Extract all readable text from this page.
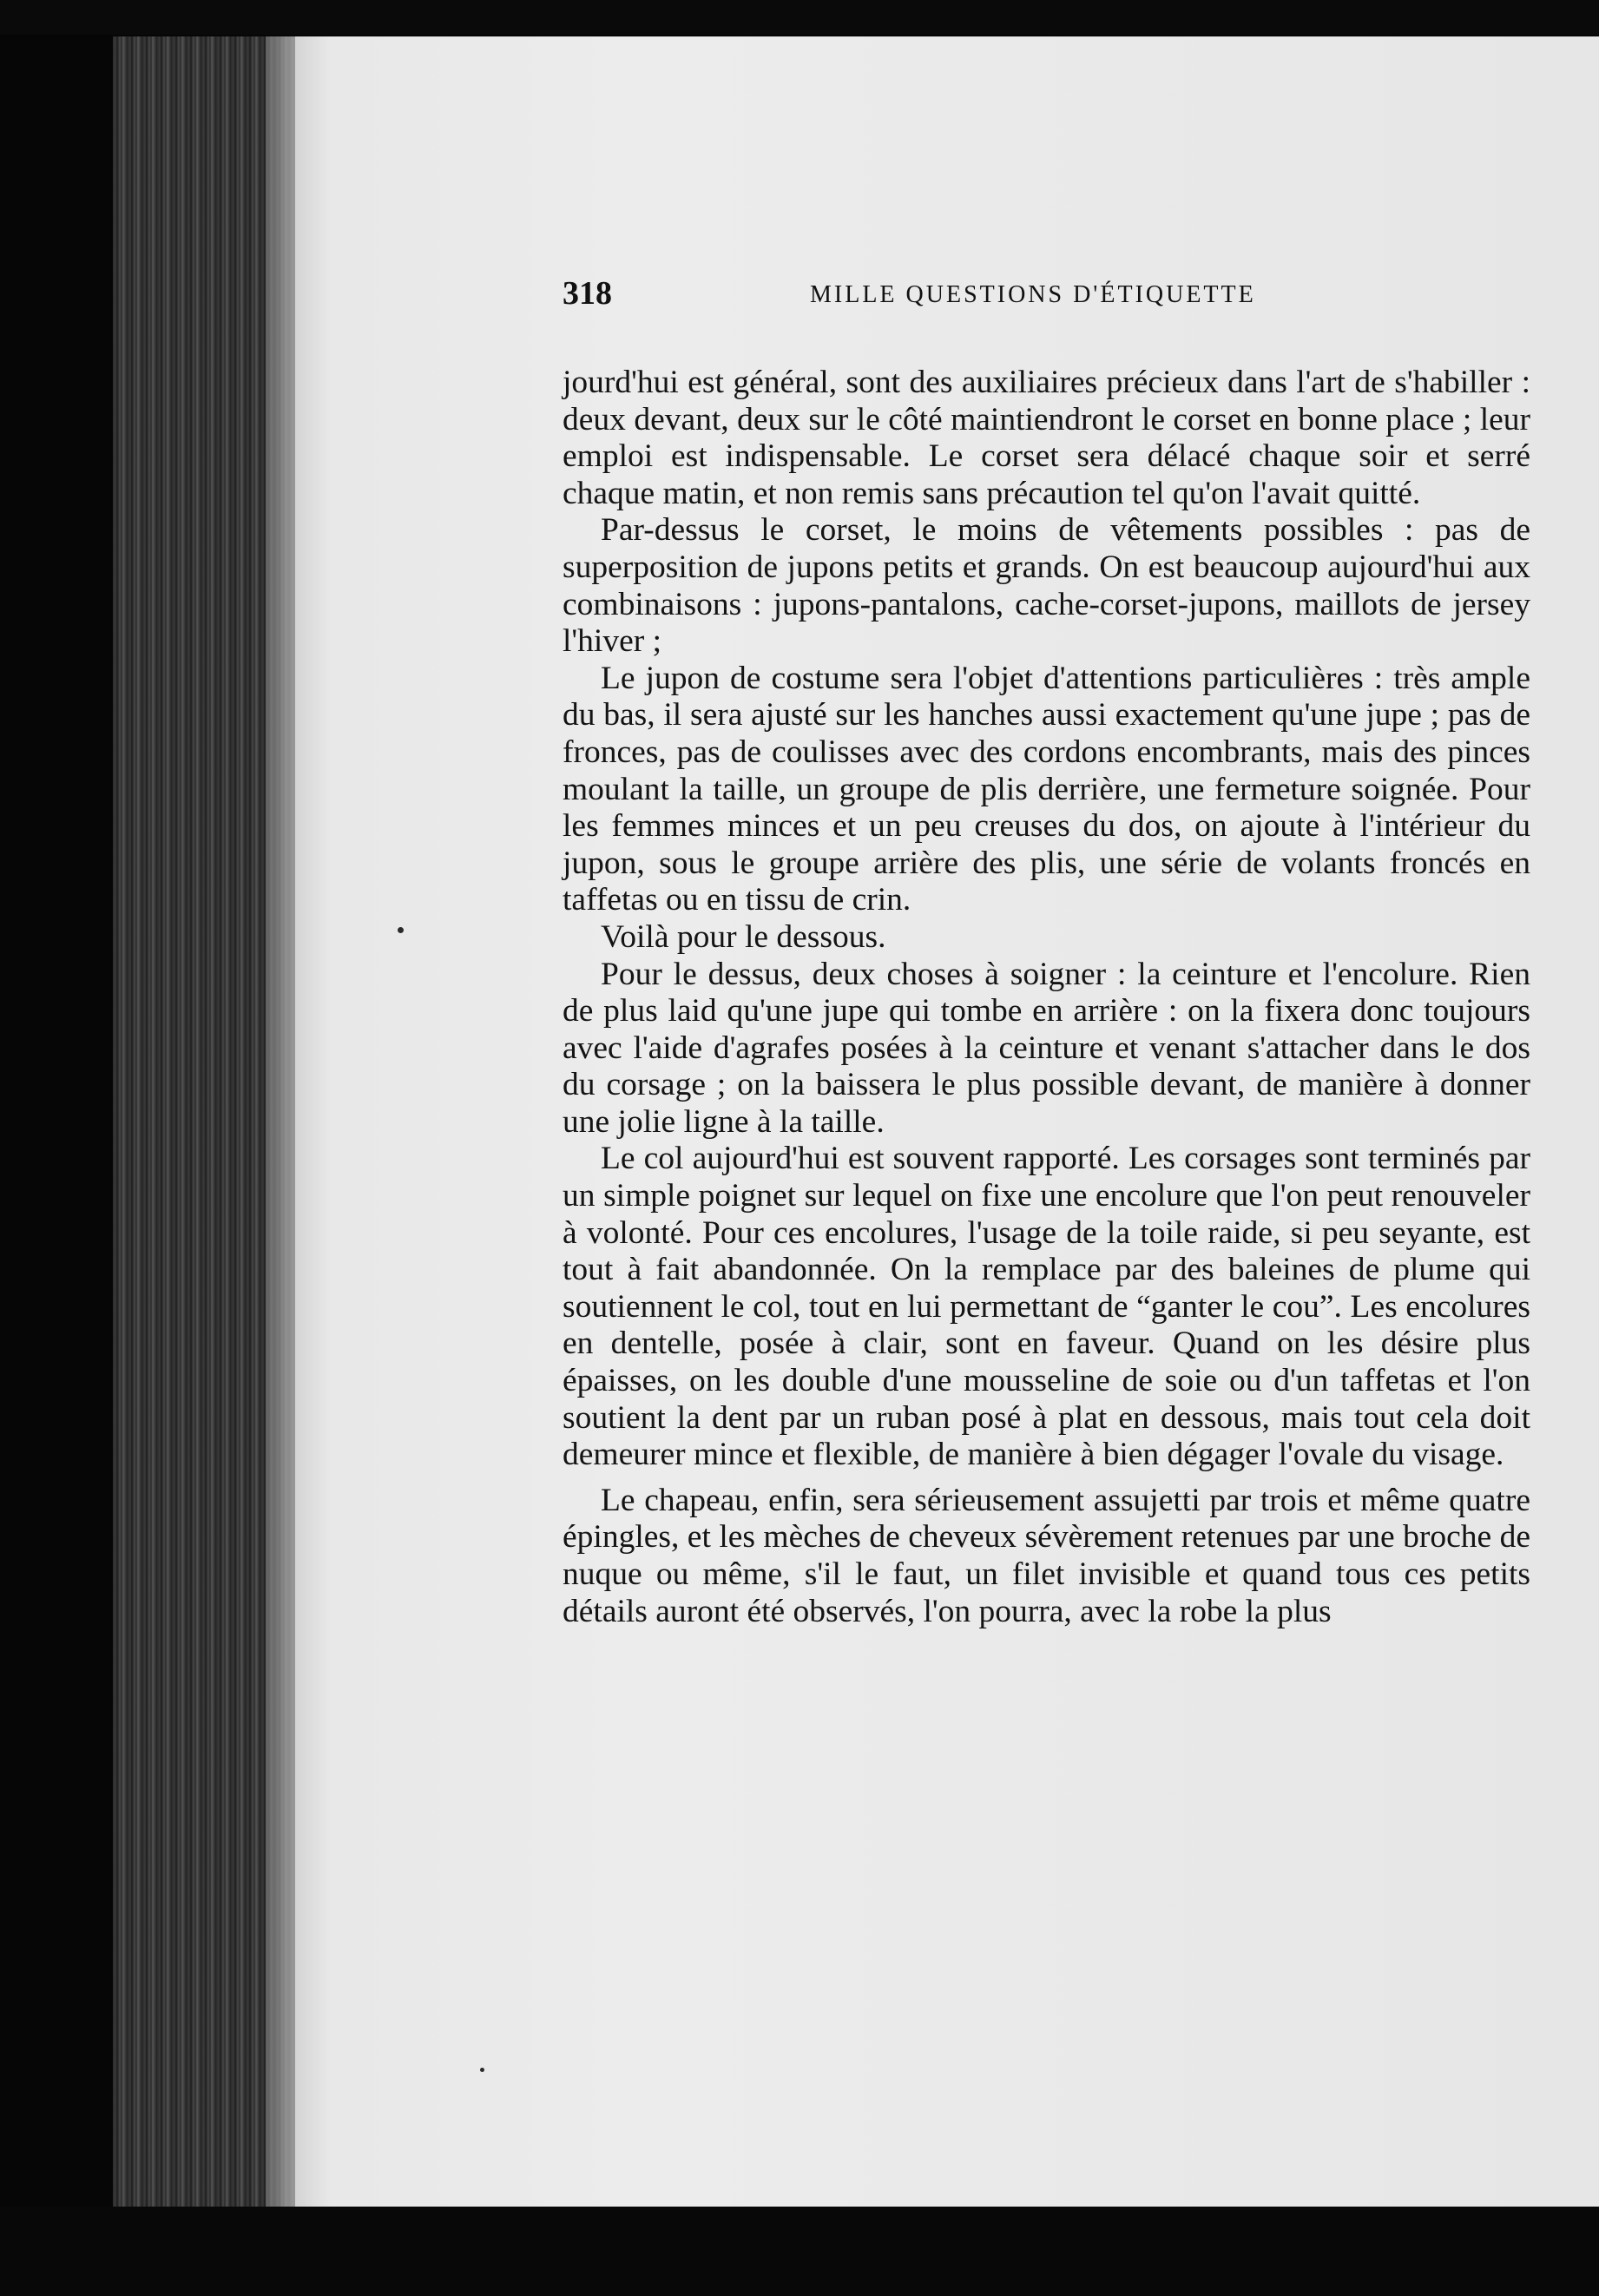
318	MILLE QUESTIONS D'ÉTIQUETTE

jourd'hui est général, sont des auxiliaires précieux dans l'art de s'habiller : deux devant, deux sur le côté maintiendront le corset en bonne place ; leur emploi est indispensable. Le corset sera délacé chaque soir et serré chaque matin, et non remis sans précaution tel qu'on l'avait quitté.

Par-dessus le corset, le moins de vêtements possibles : pas de superposition de jupons petits et grands. On est beaucoup aujourd'hui aux combinaisons : jupons-pantalons, cache-corset-jupons, maillots de jersey l'hiver ;

Le jupon de costume sera l'objet d'attentions particulières : très ample du bas, il sera ajusté sur les hanches aussi exactement qu'une jupe ; pas de fronces, pas de coulisses avec des cordons encombrants, mais des pinces moulant la taille, un groupe de plis derrière, une fermeture soignée. Pour les femmes minces et un peu creuses du dos, on ajoute à l'intérieur du jupon, sous le groupe arrière des plis, une série de volants froncés en taffetas ou en tissu de crin.

Voilà pour le dessous.

Pour le dessus, deux choses à soigner : la ceinture et l'encolure. Rien de plus laid qu'une jupe qui tombe en arrière : on la fixera donc toujours avec l'aide d'agrafes posées à la ceinture et venant s'attacher dans le dos du corsage ; on la baissera le plus possible devant, de manière à donner une jolie ligne à la taille.

Le col aujourd'hui est souvent rapporté. Les corsages sont terminés par un simple poignet sur lequel on fixe une encolure que l'on peut renouveler à volonté. Pour ces encolures, l'usage de la toile raide, si peu seyante, est tout à fait abandonnée. On la remplace par des baleines de plume qui soutiennent le col, tout en lui permettant de “ganter le cou”. Les encolures en dentelle, posée à clair, sont en faveur. Quand on les désire plus épaisses, on les double d'une mousseline de soie ou d'un taffetas et l'on soutient la dent par un ruban posé à plat en dessous, mais tout cela doit demeurer mince et flexible, de manière à bien dégager l'ovale du visage.

Le chapeau, enfin, sera sérieusement assujetti par trois et même quatre épingles, et les mèches de cheveux sévèrement retenues par une broche de nuque ou même, s'il le faut, un filet invisible et quand tous ces petits détails auront été observés, l'on pourra, avec la robe la plus
